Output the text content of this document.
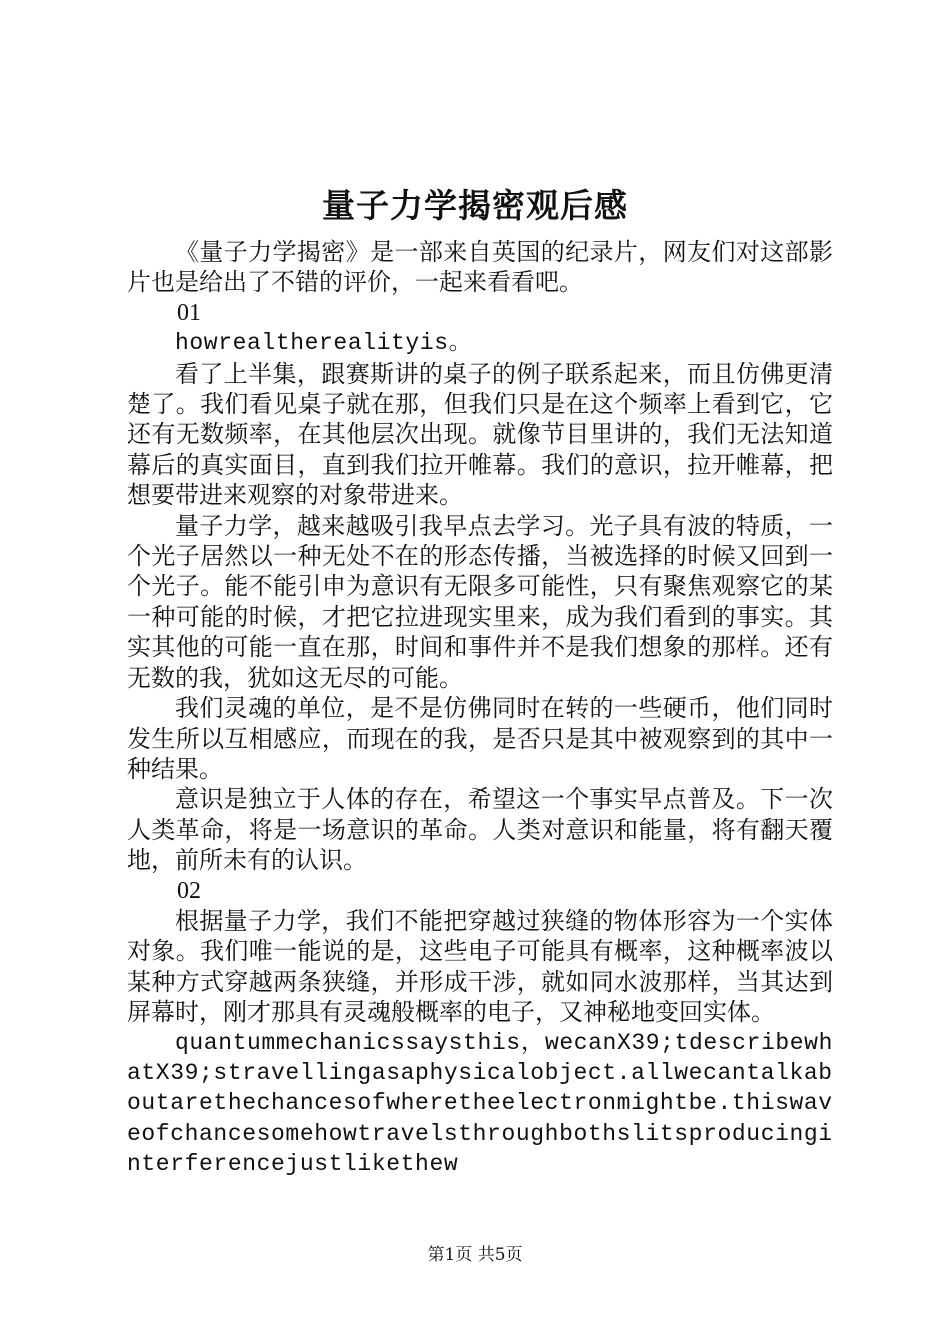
量子力学揭密观后感

《量子力学揭密》是一部来自英国的纪录片，网友们对这部影片也是给出了不错的评价，一起来看看吧。

01

howrealtherealityis。

看了上半集，跟赛斯讲的桌子的例子联系起来，而且仿佛更清楚了。我们看见桌子就在那，但我们只是在这个频率上看到它，它还有无数频率，在其他层次出现。就像节目里讲的，我们无法知道幕后的真实面目，直到我们拉开帷幕。我们的意识，拉开帷幕，把想要带进来观察的对象带进来。

量子力学，越来越吸引我早点去学习。光子具有波的特质，一个光子居然以一种无处不在的形态传播，当被选择的时候又回到一个光子。能不能引申为意识有无限多可能性，只有聚焦观察它的某一种可能的时候，才把它拉进现实里来，成为我们看到的事实。其实其他的可能一直在那，时间和事件并不是我们想象的那样。还有无数的我，犹如这无尽的可能。

我们灵魂的单位，是不是仿佛同时在转的一些硬币，他们同时发生所以互相感应，而现在的我，是否只是其中被观察到的其中一种结果。

意识是独立于人体的存在，希望这一个事实早点普及。下一次人类革命，将是一场意识的革命。人类对意识和能量，将有翻天覆地，前所未有的认识。

02

根据量子力学，我们不能把穿越过狭缝的物体形容为一个实体对象。我们唯一能说的是，这些电子可能具有概率，这种概率波以某种方式穿越两条狭缝，并形成干涉，就如同水波那样，当其达到屏幕时，刚才那具有灵魂般概率的电子，又神秘地变回实体。

quantummechanicssaysthis，wecanX39;tdescribewhatX39;stravellingasaphysicalobject.allwecantalkaboutarethechancesofwheretheelectronmightbe.thiswaveofchancesomehowtravelsthroughbothslitsproducinginterferencejustlikethew

第1页 共5页
